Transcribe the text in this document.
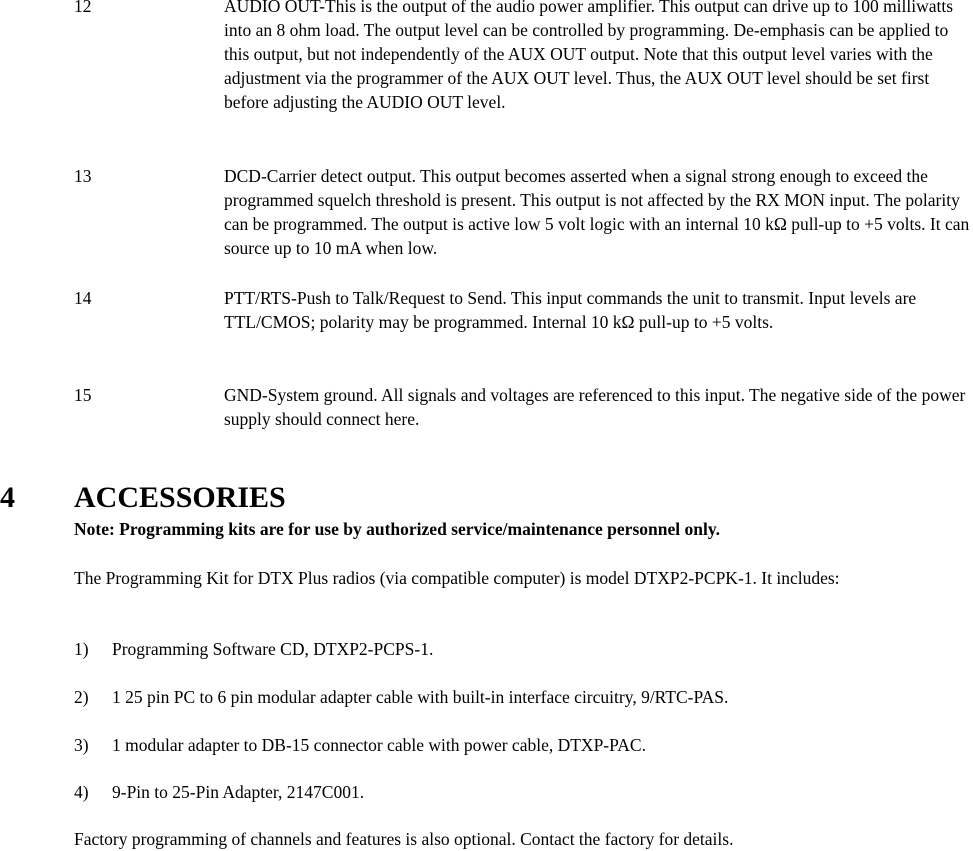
12	AUDIO OUT-This is the output of the audio power amplifier. This output can drive up to 100 milliwatts into an 8 ohm load. The output level can be controlled by programming. De-emphasis can be applied to this output, but not independently of the AUX OUT output. Note that this output level varies with the adjustment via the programmer of the AUX OUT level. Thus, the AUX OUT level should be set first before adjusting the AUDIO OUT level.
13	DCD-Carrier detect output. This output becomes asserted when a signal strong enough to exceed the programmed squelch threshold is present. This output is not affected by the RX MON input. The polarity can be programmed. The output is active low 5 volt logic with an internal 10 kΩ pull-up to +5 volts. It can source up to 10 mA when low.
14	PTT/RTS-Push to Talk/Request to Send. This input commands the unit to transmit. Input levels are TTL/CMOS; polarity may be programmed. Internal 10 kΩ pull-up to +5 volts.
15	GND-System ground. All signals and voltages are referenced to this input. The negative side of the power supply should connect here.
4 ACCESSORIES
Note: Programming kits are for use by authorized service/maintenance personnel only.
The Programming Kit for DTX Plus radios (via compatible computer) is model DTXP2-PCPK-1. It includes:
1) Programming Software CD, DTXP2-PCPS-1.
2) 1 25 pin PC to 6 pin modular adapter cable with built-in interface circuitry, 9/RTC-PAS.
3) 1 modular adapter to DB-15 connector cable with power cable, DTXP-PAC.
4) 9-Pin to 25-Pin Adapter, 2147C001.
Factory programming of channels and features is also optional. Contact the factory for details.
